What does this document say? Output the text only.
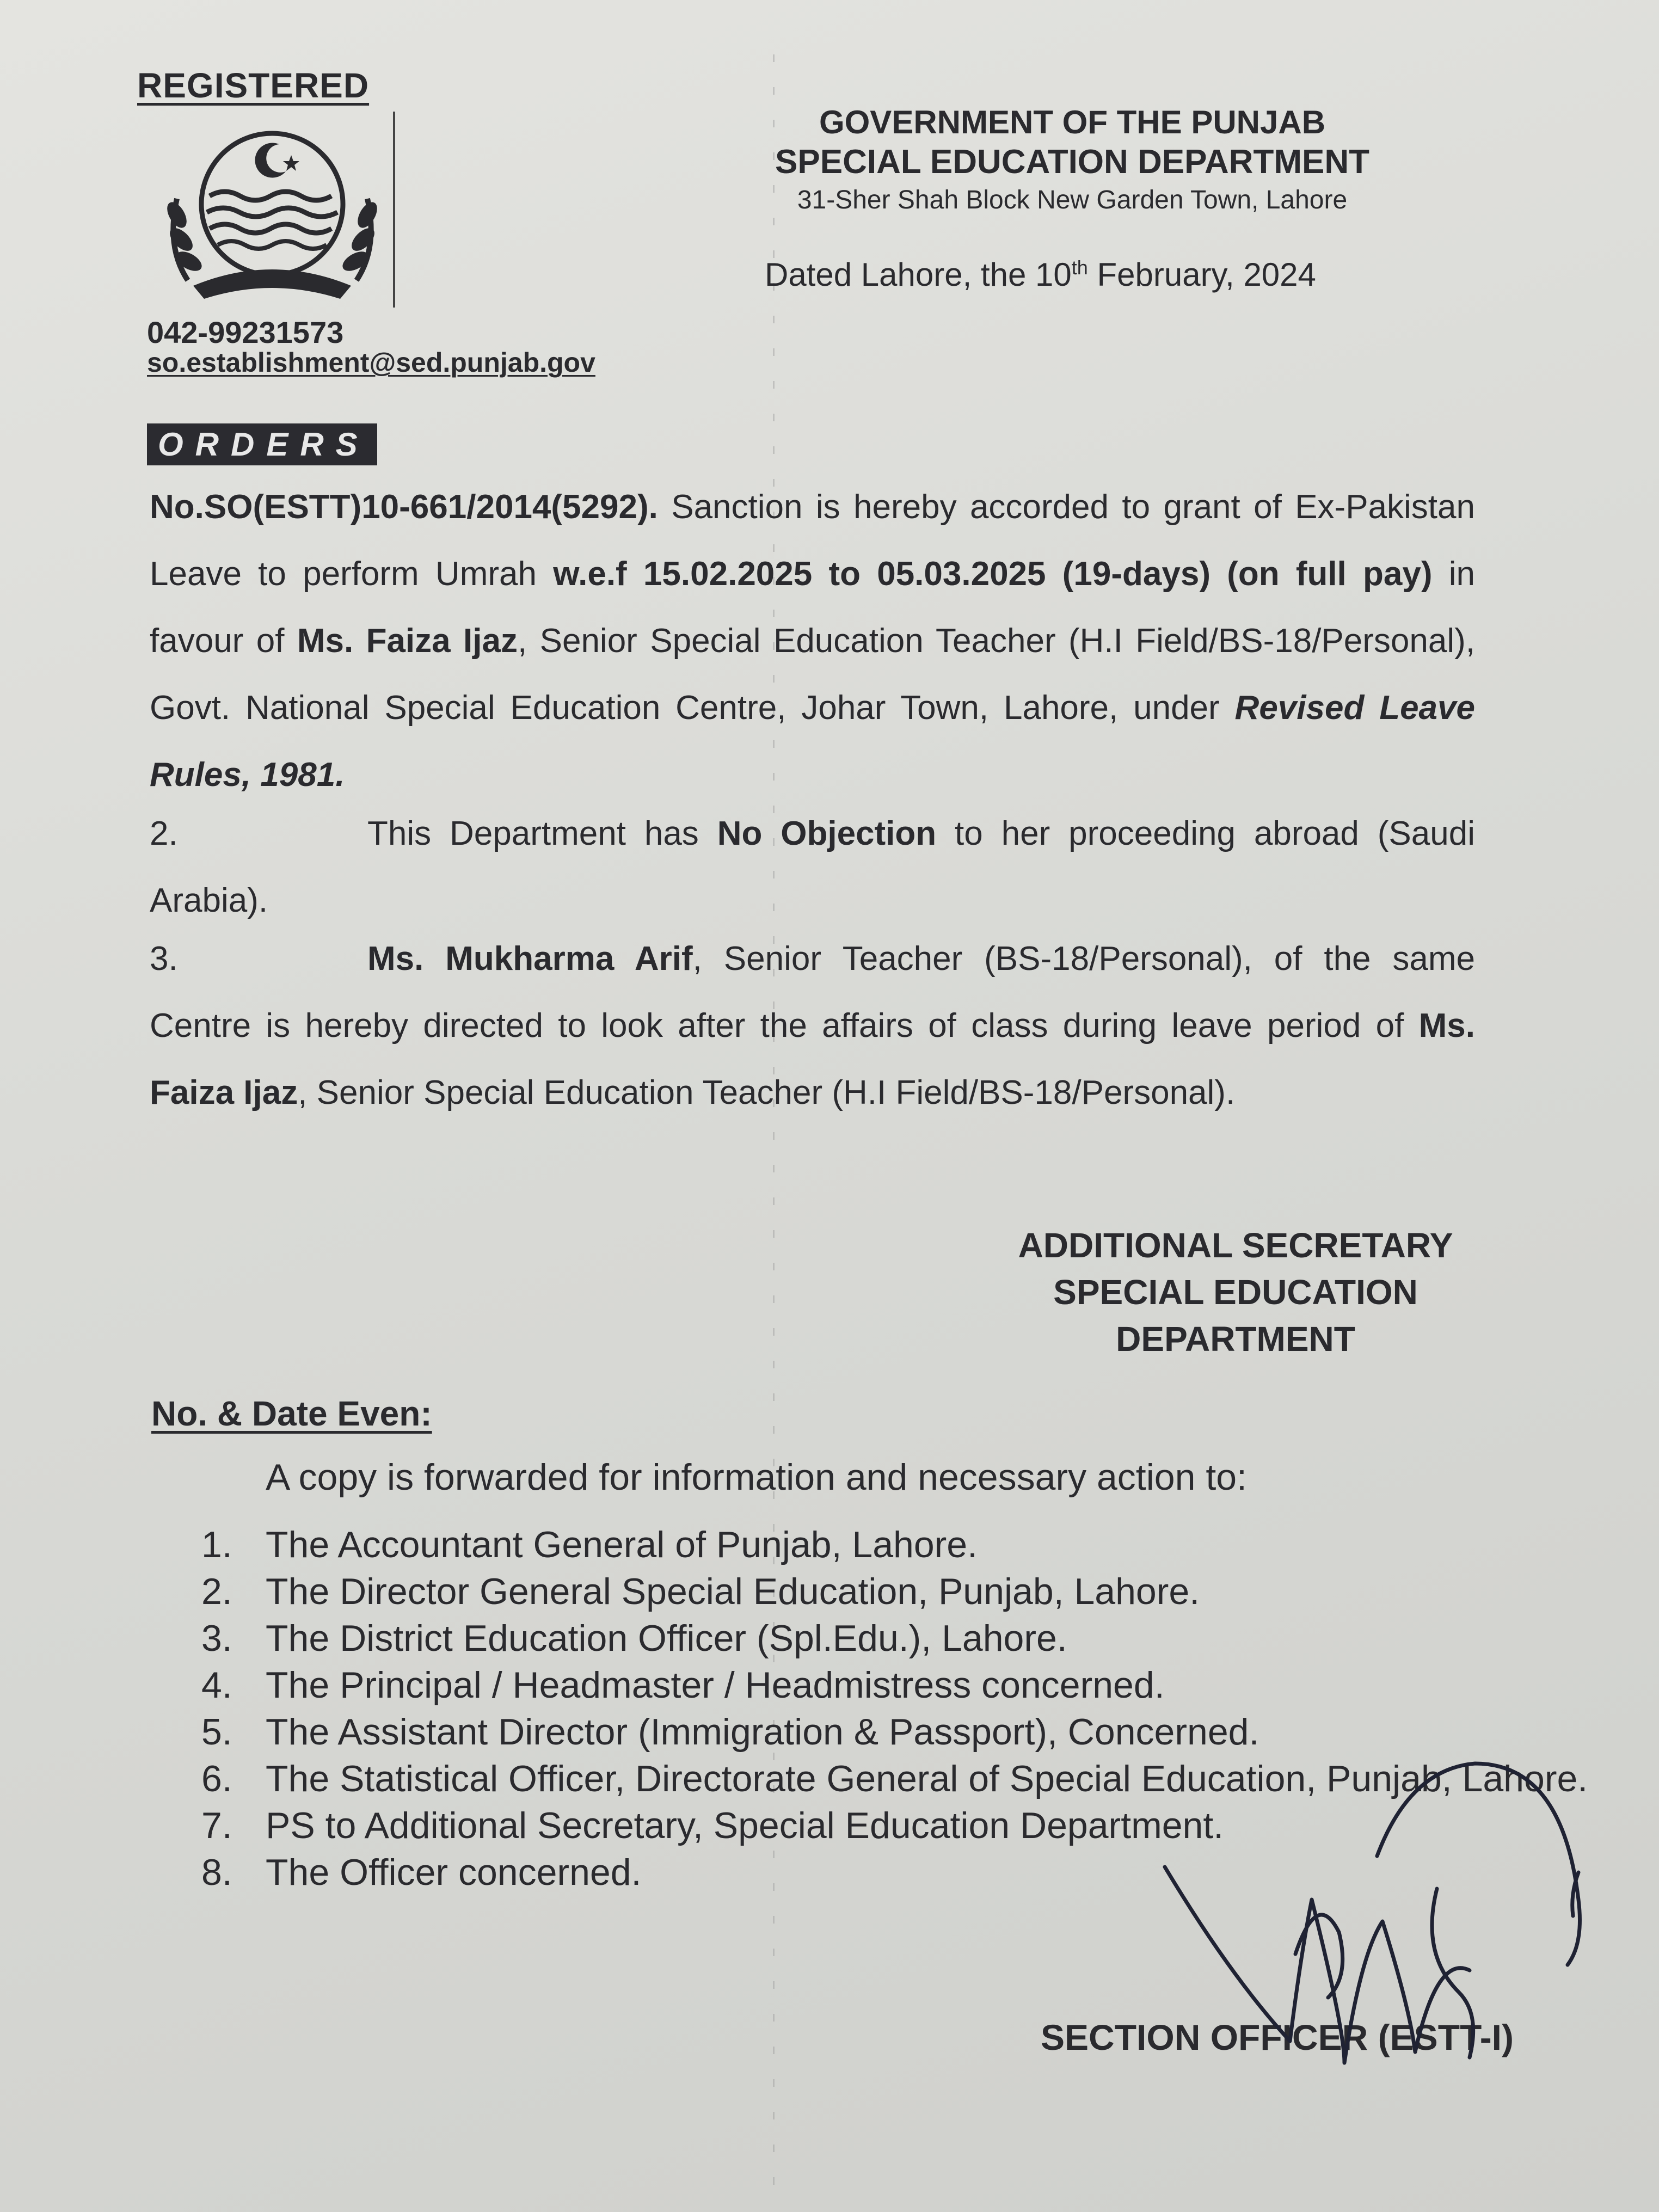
REGISTERED
042-99231573
so.establishment@sed.punjab.gov
GOVERNMENT OF THE PUNJAB
SPECIAL EDUCATION DEPARTMENT
31-Sher Shah Block New Garden Town, Lahore
Dated Lahore, the 10th February, 2024
ORDERS
No.SO(ESTT)10-661/2014(5292). Sanction is hereby accorded to grant of Ex-Pakistan Leave to perform Umrah w.e.f 15.02.2025 to 05.03.2025 (19-days) (on full pay) in favour of Ms. Faiza Ijaz, Senior Special Education Teacher (H.I Field/BS-18/Personal), Govt. National Special Education Centre, Johar Town, Lahore, under Revised Leave Rules, 1981.
2.	This Department has No Objection to her proceeding abroad (Saudi Arabia).
3.	Ms. Mukharma Arif, Senior Teacher (BS-18/Personal), of the same Centre is hereby directed to look after the affairs of class during leave period of Ms. Faiza Ijaz, Senior Special Education Teacher (H.I Field/BS-18/Personal).
ADDITIONAL SECRETARY
SPECIAL EDUCATION
DEPARTMENT
No. & Date Even:
A copy is forwarded for information and necessary action to:
1. The Accountant General of Punjab, Lahore.
2. The Director General Special Education, Punjab, Lahore.
3. The District Education Officer (Spl.Edu.), Lahore.
4. The Principal / Headmaster / Headmistress concerned.
5. The Assistant Director (Immigration & Passport), Concerned.
6. The Statistical Officer, Directorate General of Special Education, Punjab, Lahore.
7. PS to Additional Secretary, Special Education Department.
8. The Officer concerned.
SECTION OFFICER (ESTT-I)
